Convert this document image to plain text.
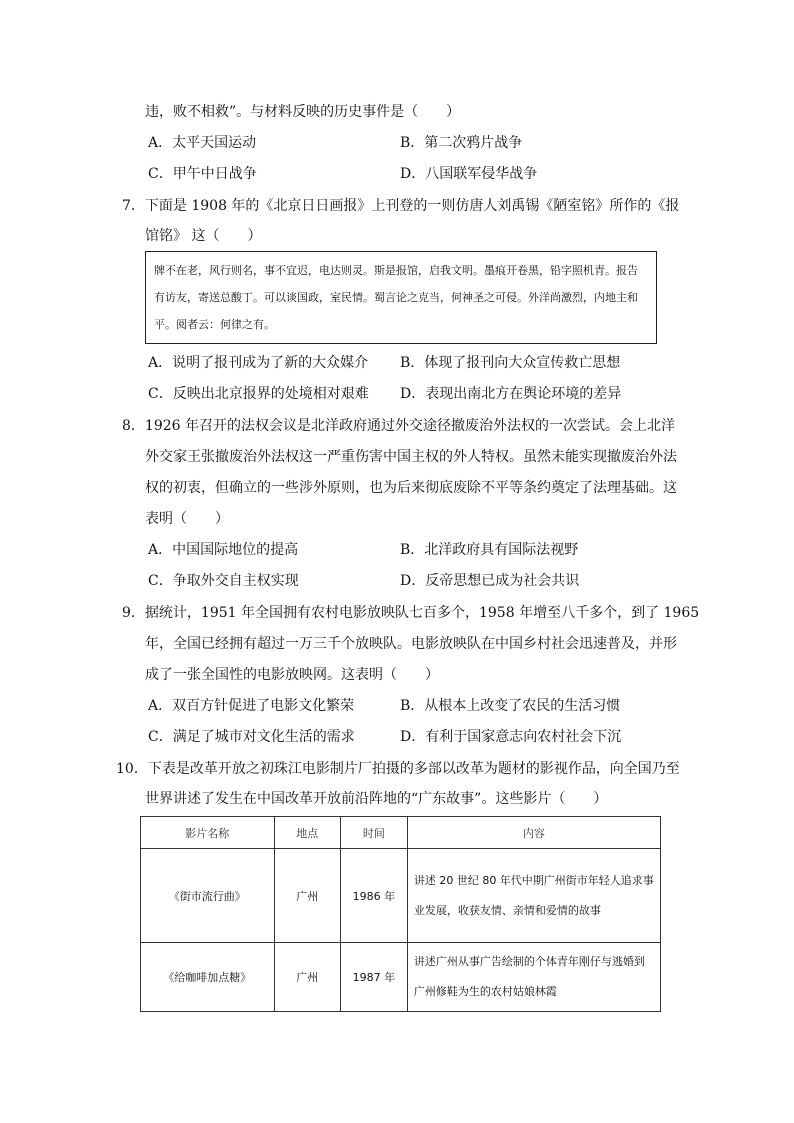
违，败不相救”。与材料反映的历史事件是（　　）
A．太平天国运动	B．第二次鸦片战争
C．甲午中日战争	D．八国联军侵华战争
7．下面是 1908 年的《北京日日画报》上刊登的一则仿唐人刘禹锡《陋室铭》所作的《报
馆铭》 这（　　）
牌不在老，风行则名，事不宜迟，电达则灵。斯是报馆，启我文明。墨痕开卷黑，铅字照机青。报告有访友，寄送总酸丁。可以谈国政，室民情。蜀言论之克当，何神圣之可侵。外洋尚激烈，内地主和平。阅者云：何律之有。
A．说明了报刊成为了新的大众媒介 B．体现了报刊向大众宣传救亡思想
C．反映出北京报界的处境相对艰难 D．表现出南北方在舆论环境的差异
8．1926 年召开的法权会议是北洋政府通过外交途径撤废治外法权的一次尝试。会上北洋
外交家王张撤废治外法权这一严重伤害中国主权的外人特权。虽然未能实现撤废治外法
权的初衷，但确立的一些涉外原则，也为后来彻底废除不平等条约奠定了法理基础。这
表明（　　）
A．中国国际地位的提高	B．北洋政府具有国际法视野
C．争取外交自主权实现	D．反帝思想已成为社会共识
9．据统计，1951 年全国拥有农村电影放映队七百多个，1958 年增至八千多个，到了 1965
年，全国已经拥有超过一万三千个放映队。电影放映队在中国乡村社会迅速普及，并形
成了一张全国性的电影放映网。这表明（　　）
A．双百方针促进了电影文化繁荣	B．从根本上改变了农民的生活习惯
C．满足了城市对文化生活的需求	D．有利于国家意志向农村社会下沉
10．下表是改革开放之初珠江电影制片厂拍摄的多部以改革为题材的影视作品，向全国乃至
世界讲述了发生在中国改革开放前沿阵地的“广东故事”。这些影片（　　）
影片名称	地点	时间	内容
《街市流行曲》	广州	1986 年	讲述 20 世纪 80 年代中期广州街市年轻人追求事业发展，收获友情、亲情和爱情的故事
《给咖啡加点糖》	广州	1987 年	讲述广州从事广告绘制的个体青年刚仔与逃婚到广州修鞋为生的农村姑娘林霞
